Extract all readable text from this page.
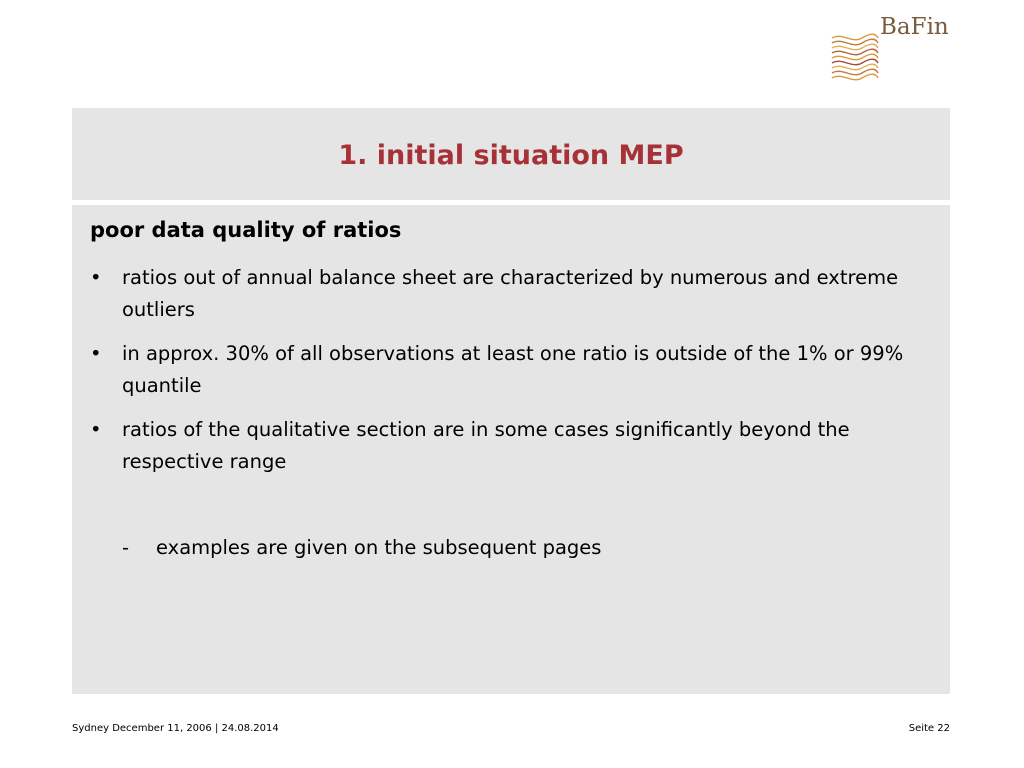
BaFin
1. initial situation MEP
poor data quality of ratios
•	ratios out of annual balance sheet are characterized by numerous and extreme outliers
•	in approx. 30% of all observations at least one ratio is outside of the 1% or 99% quantile
•	ratios of the qualitative section are in some cases significantly beyond the respective range
-	examples are given on the subsequent pages
Sydney December 11, 2006 | 24.08.2014	Seite 22
